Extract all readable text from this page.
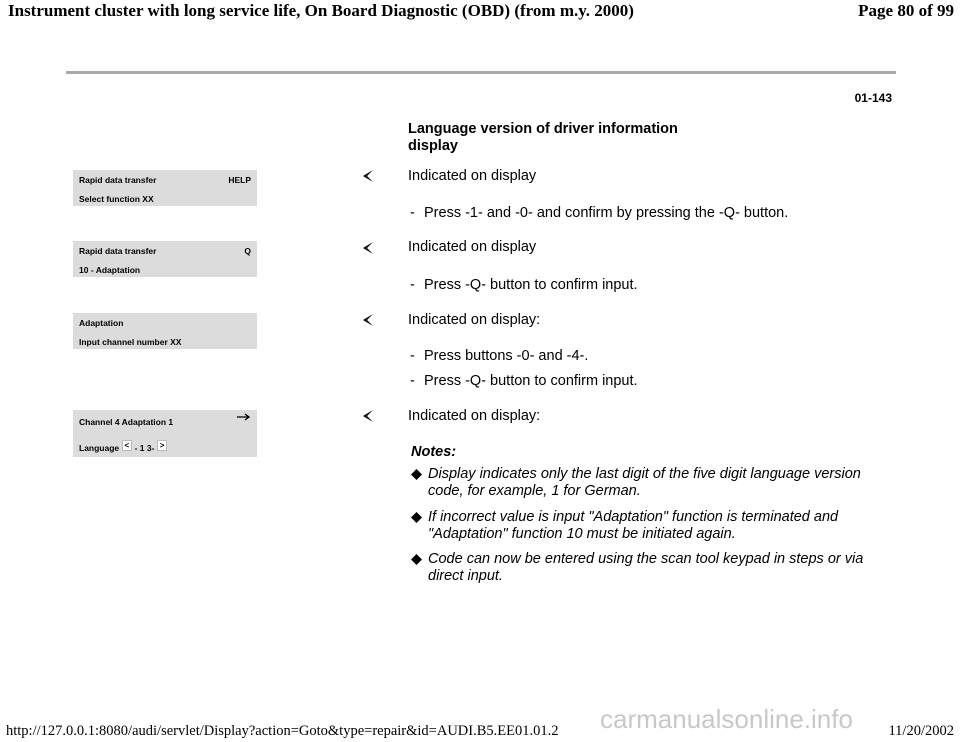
Instrument cluster with long service life, On Board Diagnostic (OBD) (from m.y. 2000)	Page 80 of 99
01-143
Language version of driver information display
Rapid data transfer	HELP
Select function XX
Indicated on display
- Press -1- and -0- and confirm by pressing the -Q- button.
Rapid data transfer	Q
10 - Adaptation
Indicated on display
- Press -Q- button to confirm input.
Adaptation
Input channel number XX
Indicated on display:
- Press buttons -0- and -4-.
- Press -Q- button to confirm input.
Channel 4 Adaptation 1
Language < - 1 3- >
Indicated on display:
Notes:
Display indicates only the last digit of the five digit language version code, for example, 1 for German.
If incorrect value is input "Adaptation" function is terminated and "Adaptation" function 10 must be initiated again.
Code can now be entered using the scan tool keypad in steps or via direct input.
carmanualsonline.info
http://127.0.0.1:8080/audi/servlet/Display?action=Goto&type=repair&id=AUDI.B5.EE01.01.2	11/20/2002
